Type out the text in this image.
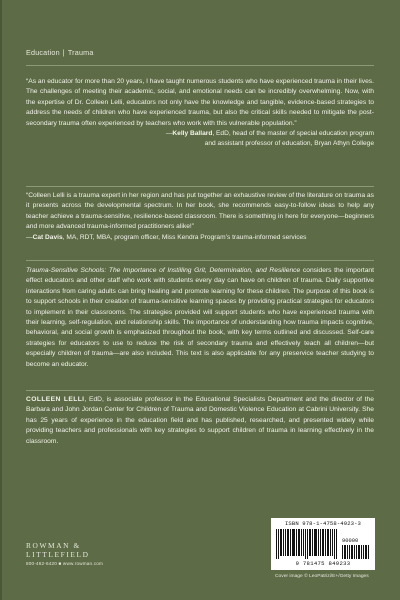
Education | Trauma
“As an educator for more than 20 years, I have taught numerous students who have experienced trauma in their lives. The challenges of meeting their academic, social, and emotional needs can be incredibly overwhelming. Now, with the expertise of Dr. Colleen Lelli, educators not only have the knowledge and tangible, evidence-based strategies to address the needs of children who have experienced trauma, but also the critical skills needed to mitigate the post-secondary trauma often experienced by teachers who work with this vulnerable population.”
—Kelly Ballard, EdD, head of the master of special education program
and assistant professor of education, Bryan Athyn College
“Colleen Lelli is a trauma expert in her region and has put together an exhaustive review of the literature on trauma as it presents across the developmental spectrum. In her book, she recommends easy-to-follow ideas to help any teacher achieve a trauma-sensitive, resilience-based classroom. There is something in here for everyone—beginners and more advanced trauma-informed practitioners alike!”
—Cat Davis, MA, RDT, MBA, program officer, Miss Kendra Program’s trauma-informed services
Trauma-Sensitive Schools: The Importance of Instilling Grit, Determination, and Resilience considers the important effect educators and other staff who work with students every day can have on children of trauma. Daily supportive interactions from caring adults can bring healing and promote learning for these children. The purpose of this book is to support schools in their creation of trauma-sensitive learning spaces by providing practical strategies for educators to implement in their classrooms. The strategies provided will support students who have experienced trauma with their learning, self-regulation, and relationship skills. The importance of understanding how trauma impacts cognitive, behavioral, and social growth is emphasized throughout the book, with key terms outlined and discussed. Self-care strategies for educators to use to reduce the risk of secondary trauma and effectively teach all children—but especially children of trauma—are also included. This text is also applicable for any preservice teacher studying to become an educator.
COLLEEN LELLI, EdD, is associate professor in the Educational Specialists Department and the director of the Barbara and John Jordan Center for Children of Trauma and Domestic Violence Education at Cabrini University. She has 25 years of experience in the education field and has published, researched, and presented widely while providing teachers and professionals with key strategies to support children of trauma in learning effectively in the classroom.
ROWMAN &
LITTLEFIELD
800-462-6420 ■ www.rowman.com
ISBN 978-1-4758-4923-3
90000
9 781475 849233
Cover image © LeoPatrizi/E+/Getty Images
